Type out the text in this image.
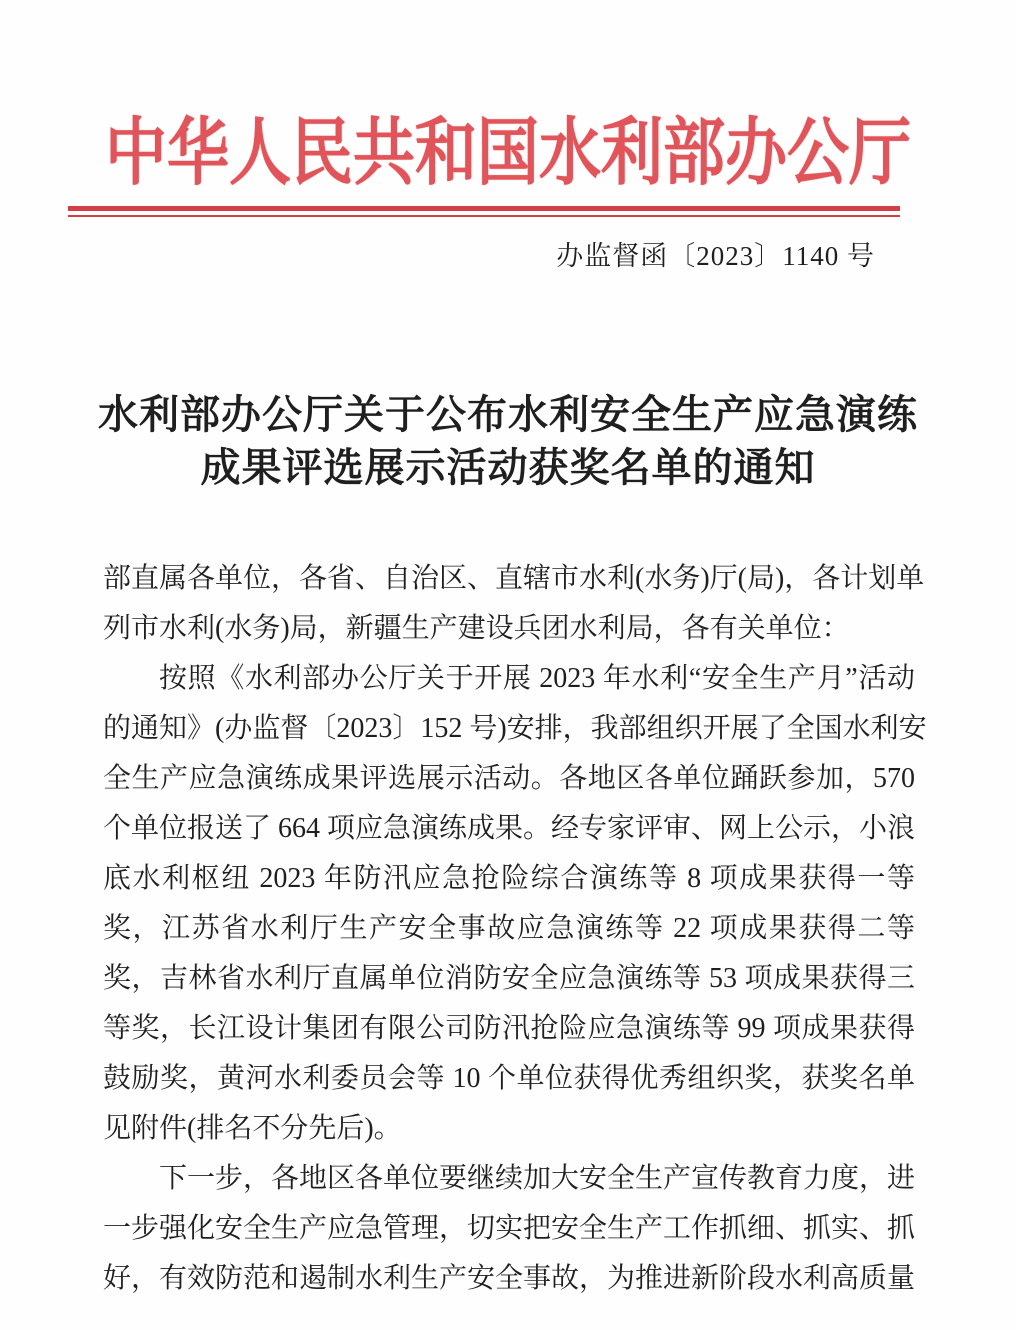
中华人民共和国水利部办公厅
办监督函〔2023〕1140 号
水利部办公厅关于公布水利安全生产应急演练
成果评选展示活动获奖名单的通知
部直属各单位，各省、自治区、直辖市水利(水务)厅(局)，各计划单
列市水利(水务)局，新疆生产建设兵团水利局，各有关单位：
按照《水利部办公厅关于开展 2023 年水利“安全生产月”活动
的通知》(办监督〔2023〕152 号)安排，我部组织开展了全国水利安
全生产应急演练成果评选展示活动。各地区各单位踊跃参加，570
个单位报送了 664 项应急演练成果。经专家评审、网上公示，小浪
底水利枢纽 2023 年防汛应急抢险综合演练等 8 项成果获得一等
奖，江苏省水利厅生产安全事故应急演练等 22 项成果获得二等
奖，吉林省水利厅直属单位消防安全应急演练等 53 项成果获得三
等奖，长江设计集团有限公司防汛抢险应急演练等 99 项成果获得
鼓励奖，黄河水利委员会等 10 个单位获得优秀组织奖，获奖名单
见附件(排名不分先后)。
下一步，各地区各单位要继续加大安全生产宣传教育力度，进
一步强化安全生产应急管理，切实把安全生产工作抓细、抓实、抓
好，有效防范和遏制水利生产安全事故，为推进新阶段水利高质量
